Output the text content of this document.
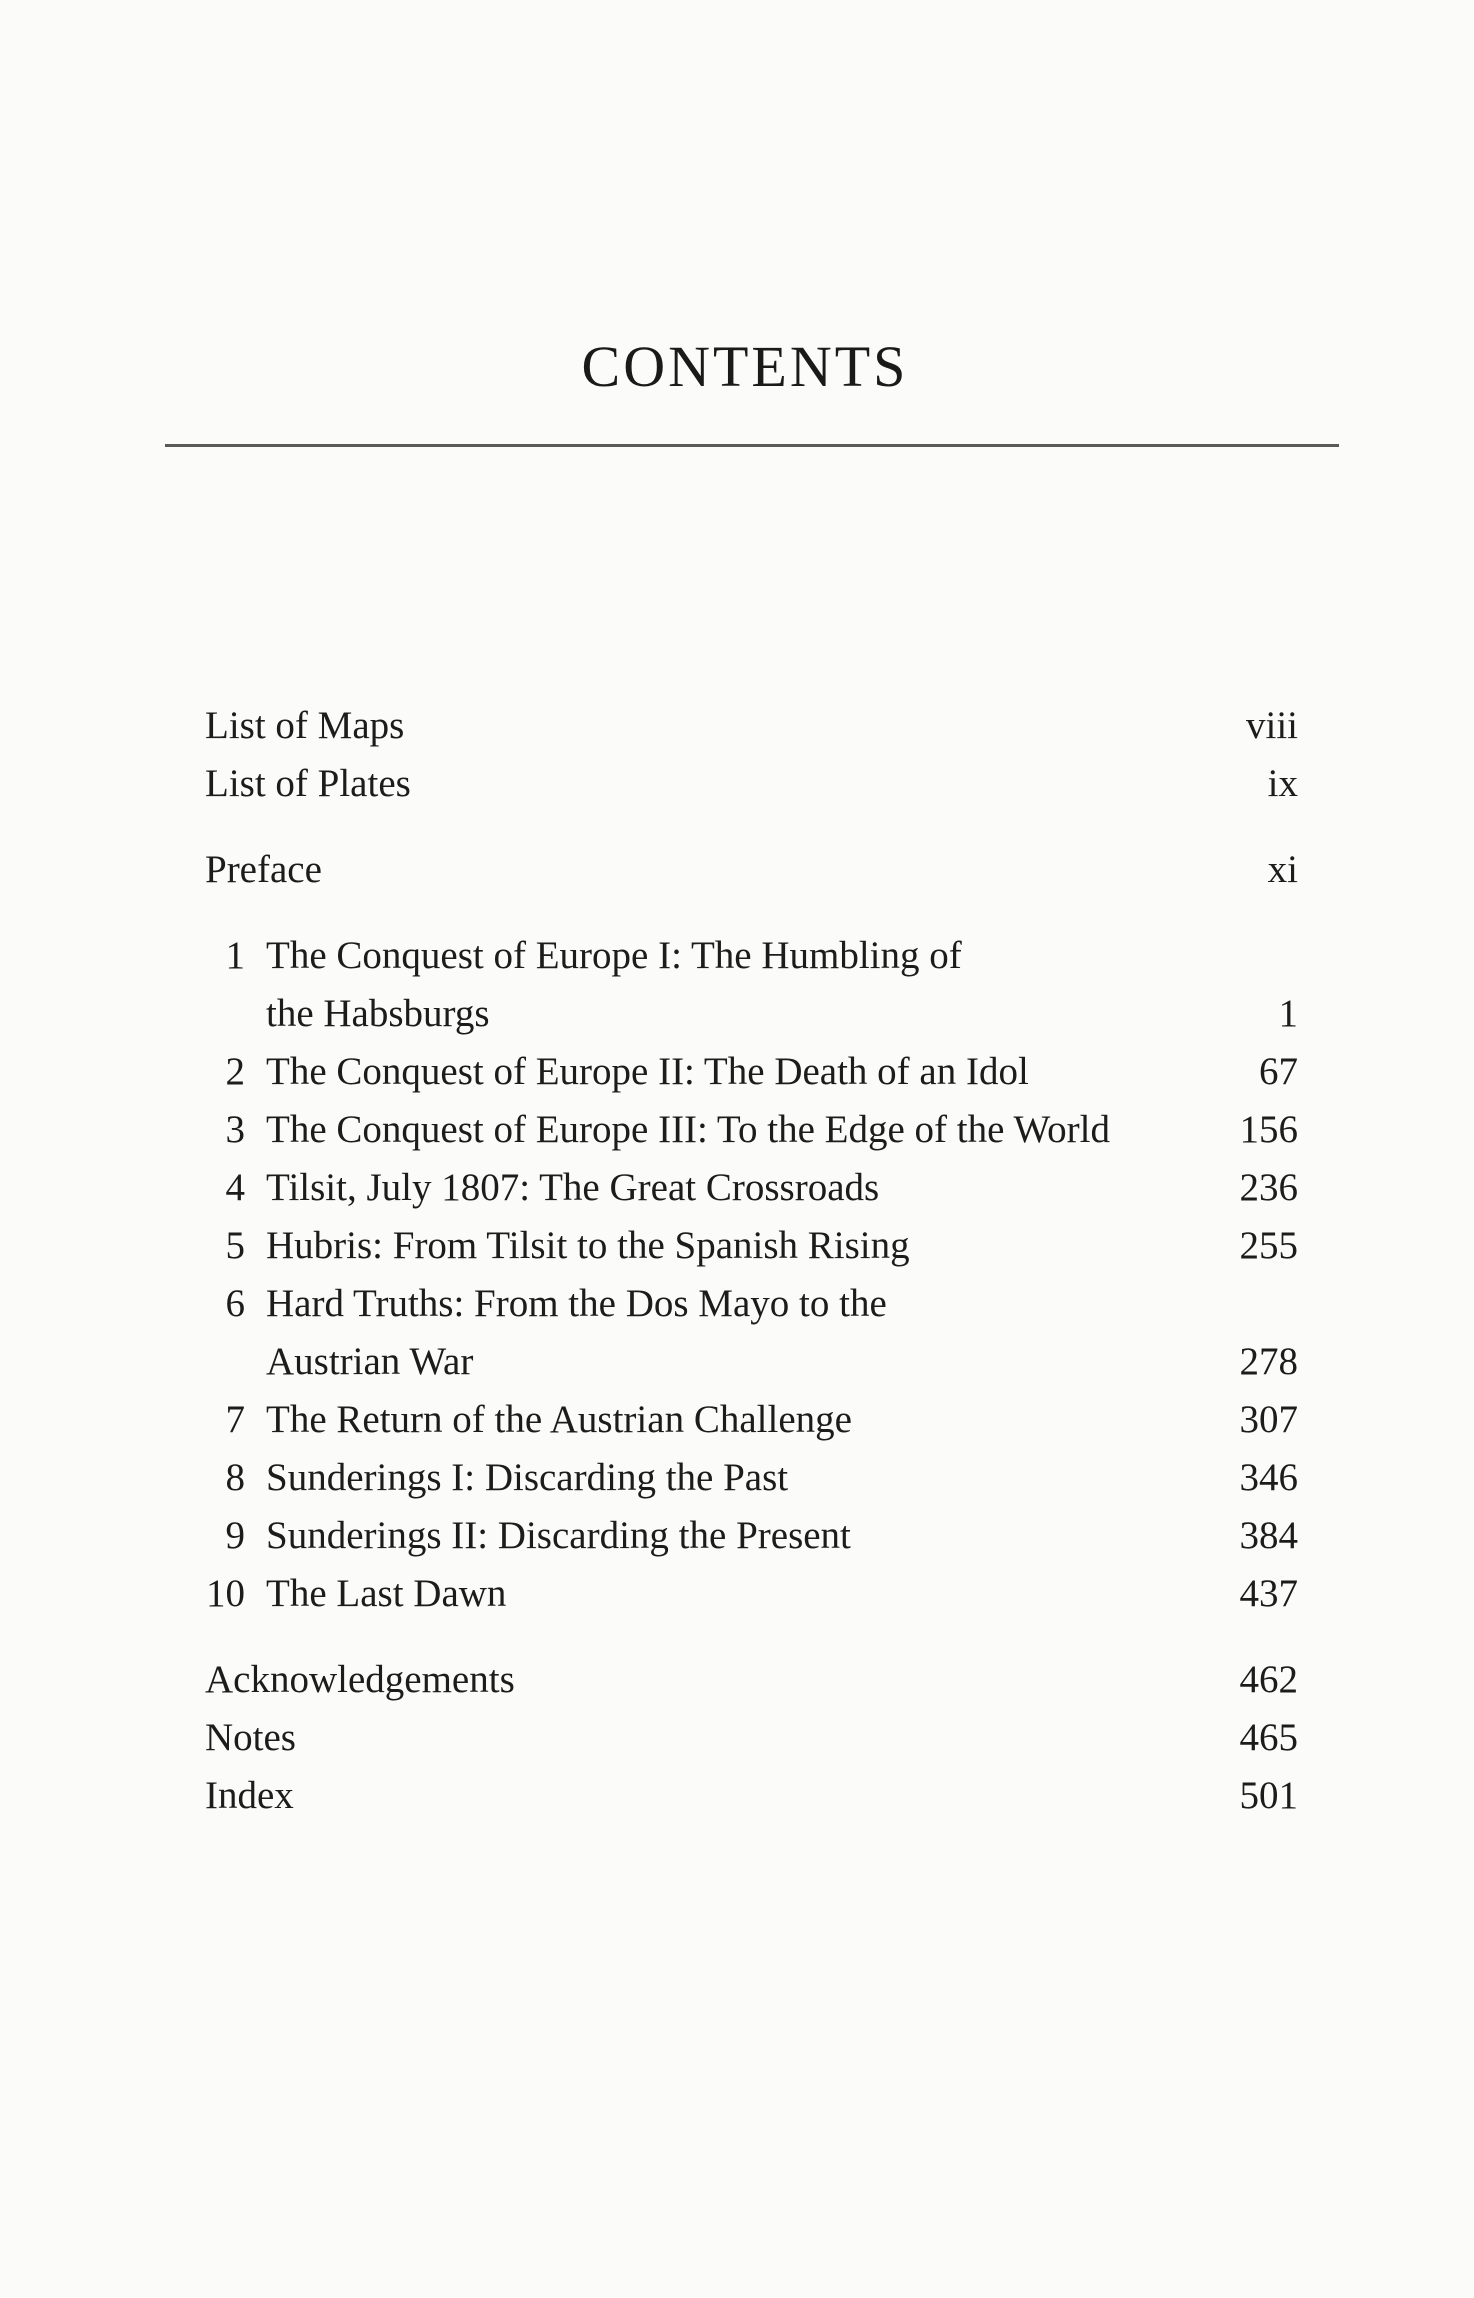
CONTENTS
List of Maps	viii
List of Plates	ix
Preface	xi
1 The Conquest of Europe I: The Humbling of
the Habsburgs	1
2 The Conquest of Europe II: The Death of an Idol	67
3 The Conquest of Europe III: To the Edge of the World	156
4 Tilsit, July 1807: The Great Crossroads	236
5 Hubris: From Tilsit to the Spanish Rising	255
6 Hard Truths: From the Dos Mayo to the
Austrian War	278
7 The Return of the Austrian Challenge	307
8 Sunderings I: Discarding the Past	346
9 Sunderings II: Discarding the Present	384
10 The Last Dawn	437
Acknowledgements	462
Notes	465
Index	501
